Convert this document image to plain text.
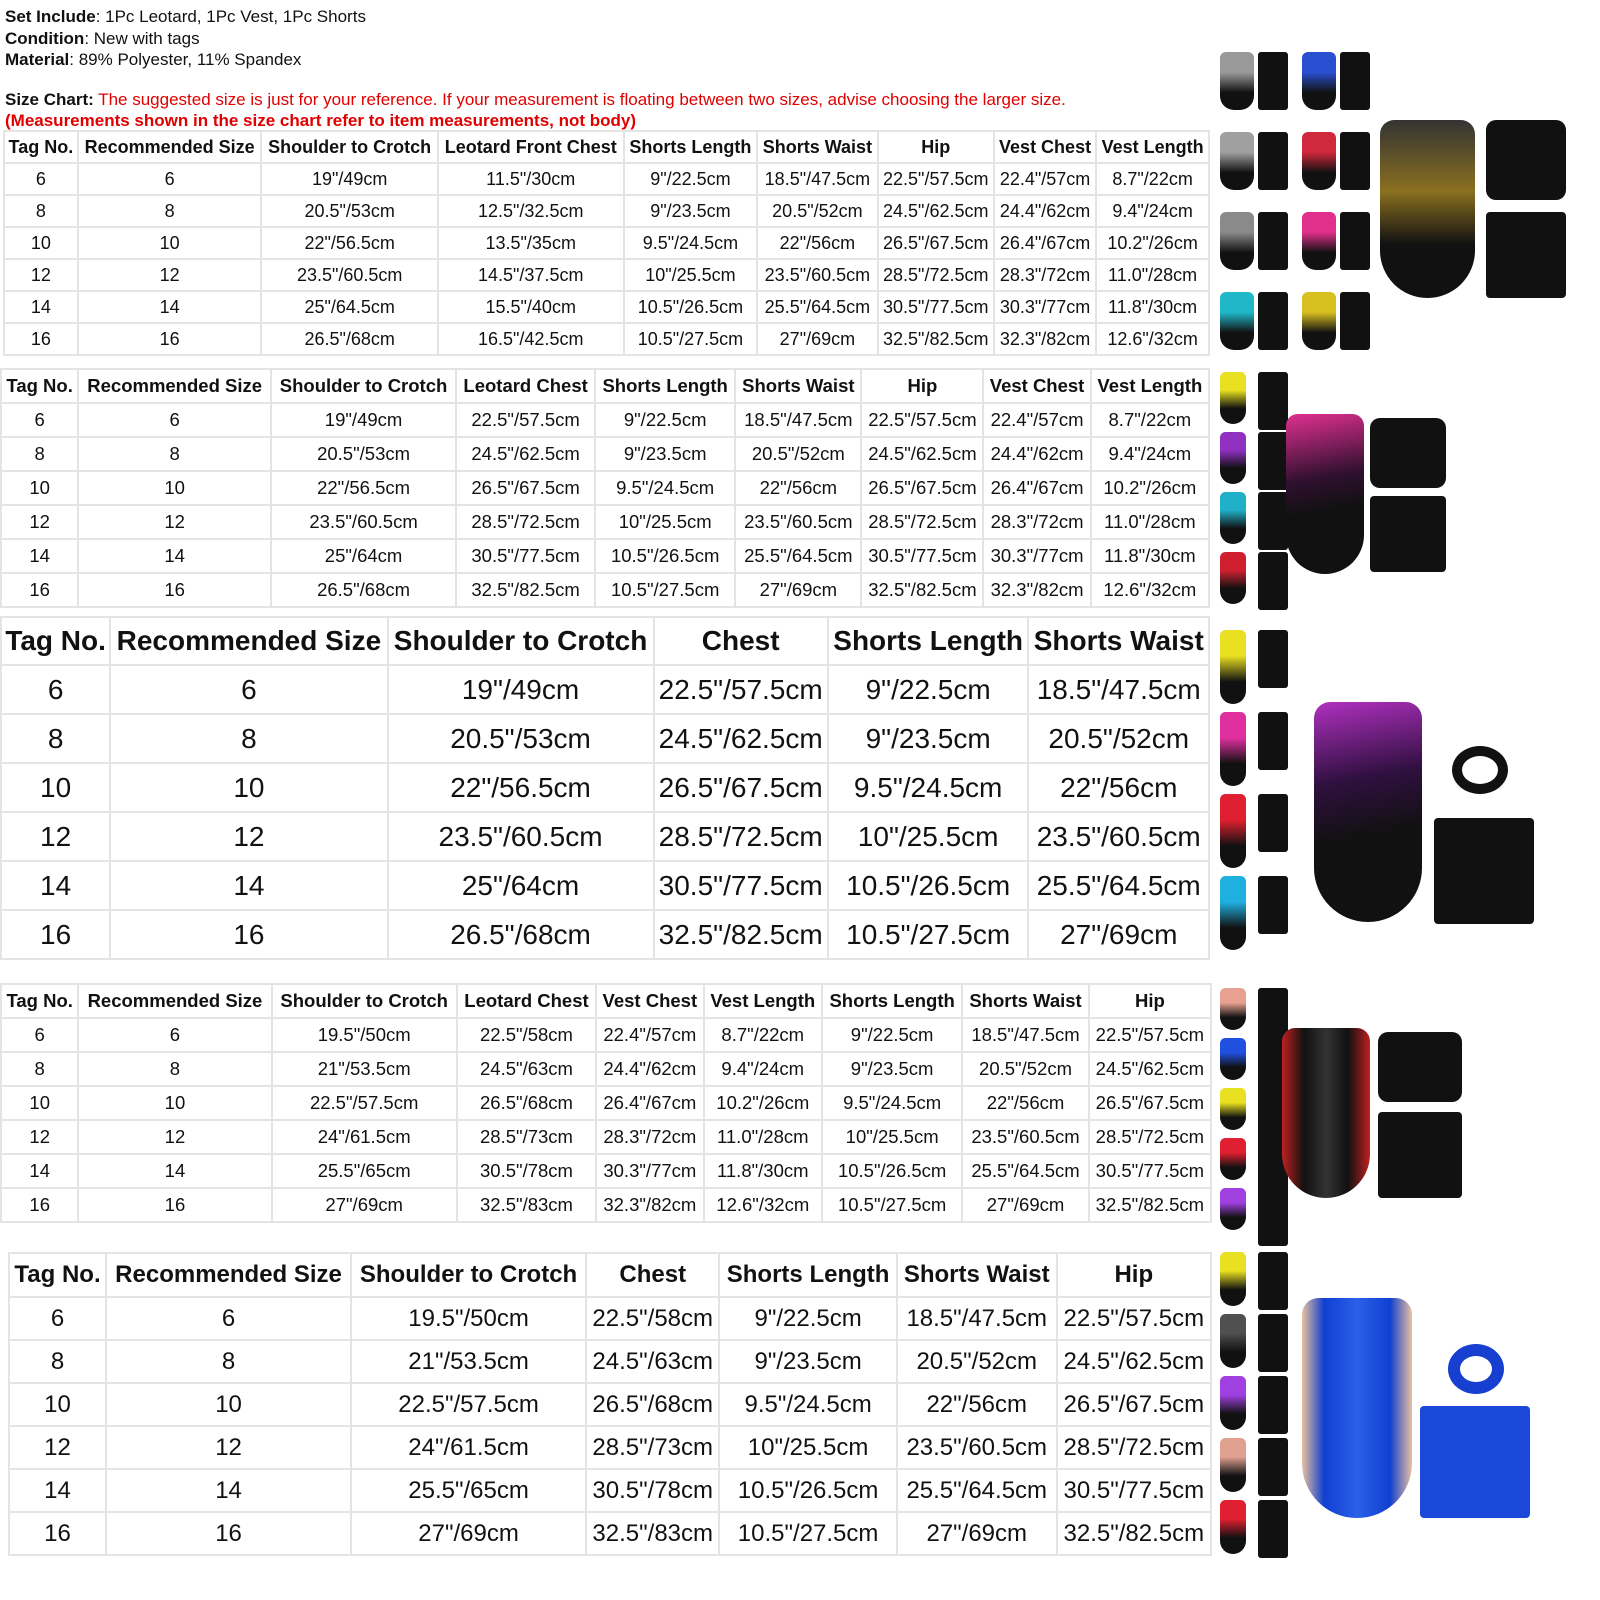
Set Include: 1Pc Leotard, 1Pc Vest, 1Pc Shorts
Condition: New with tags
Material: 89% Polyester, 11% Spandex
Size Chart: The suggested size is just for your reference. If your measurement is floating between two sizes, advise choosing the larger size.
(Measurements shown in the size chart refer to item measurements, not body)
Tag No.	Recommended Size	Shoulder to Crotch	Leotard Front Chest	Shorts Length	Shorts Waist	Hip	Vest Chest	Vest Length
6	6	19"/49cm	11.5"/30cm	9"/22.5cm	18.5"/47.5cm	22.5"/57.5cm	22.4"/57cm	8.7"/22cm
8	8	20.5"/53cm	12.5"/32.5cm	9"/23.5cm	20.5"/52cm	24.5"/62.5cm	24.4"/62cm	9.4"/24cm
10	10	22"/56.5cm	13.5"/35cm	9.5"/24.5cm	22"/56cm	26.5"/67.5cm	26.4"/67cm	10.2"/26cm
12	12	23.5"/60.5cm	14.5"/37.5cm	10"/25.5cm	23.5"/60.5cm	28.5"/72.5cm	28.3"/72cm	11.0"/28cm
14	14	25"/64.5cm	15.5"/40cm	10.5"/26.5cm	25.5"/64.5cm	30.5"/77.5cm	30.3"/77cm	11.8"/30cm
16	16	26.5"/68cm	16.5"/42.5cm	10.5"/27.5cm	27"/69cm	32.5"/82.5cm	32.3"/82cm	12.6"/32cm
Tag No.	Recommended Size	Shoulder to Crotch	Leotard Chest	Shorts Length	Shorts Waist	Hip	Vest Chest	Vest Length
6	6	19"/49cm	22.5"/57.5cm	9"/22.5cm	18.5"/47.5cm	22.5"/57.5cm	22.4"/57cm	8.7"/22cm
8	8	20.5"/53cm	24.5"/62.5cm	9"/23.5cm	20.5"/52cm	24.5"/62.5cm	24.4"/62cm	9.4"/24cm
10	10	22"/56.5cm	26.5"/67.5cm	9.5"/24.5cm	22"/56cm	26.5"/67.5cm	26.4"/67cm	10.2"/26cm
12	12	23.5"/60.5cm	28.5"/72.5cm	10"/25.5cm	23.5"/60.5cm	28.5"/72.5cm	28.3"/72cm	11.0"/28cm
14	14	25"/64cm	30.5"/77.5cm	10.5"/26.5cm	25.5"/64.5cm	30.5"/77.5cm	30.3"/77cm	11.8"/30cm
16	16	26.5"/68cm	32.5"/82.5cm	10.5"/27.5cm	27"/69cm	32.5"/82.5cm	32.3"/82cm	12.6"/32cm
Tag No.	Recommended Size	Shoulder to Crotch	Chest	Shorts Length	Shorts Waist
6	6	19"/49cm	22.5"/57.5cm	9"/22.5cm	18.5"/47.5cm
8	8	20.5"/53cm	24.5"/62.5cm	9"/23.5cm	20.5"/52cm
10	10	22"/56.5cm	26.5"/67.5cm	9.5"/24.5cm	22"/56cm
12	12	23.5"/60.5cm	28.5"/72.5cm	10"/25.5cm	23.5"/60.5cm
14	14	25"/64cm	30.5"/77.5cm	10.5"/26.5cm	25.5"/64.5cm
16	16	26.5"/68cm	32.5"/82.5cm	10.5"/27.5cm	27"/69cm
Tag No.	Recommended Size	Shoulder to Crotch	Leotard Chest	Vest Chest	Vest Length	Shorts Length	Shorts Waist	Hip
6	6	19.5"/50cm	22.5"/58cm	22.4"/57cm	8.7"/22cm	9"/22.5cm	18.5"/47.5cm	22.5"/57.5cm
8	8	21"/53.5cm	24.5"/63cm	24.4"/62cm	9.4"/24cm	9"/23.5cm	20.5"/52cm	24.5"/62.5cm
10	10	22.5"/57.5cm	26.5"/68cm	26.4"/67cm	10.2"/26cm	9.5"/24.5cm	22"/56cm	26.5"/67.5cm
12	12	24"/61.5cm	28.5"/73cm	28.3"/72cm	11.0"/28cm	10"/25.5cm	23.5"/60.5cm	28.5"/72.5cm
14	14	25.5"/65cm	30.5"/78cm	30.3"/77cm	11.8"/30cm	10.5"/26.5cm	25.5"/64.5cm	30.5"/77.5cm
16	16	27"/69cm	32.5"/83cm	32.3"/82cm	12.6"/32cm	10.5"/27.5cm	27"/69cm	32.5"/82.5cm
Tag No.	Recommended Size	Shoulder to Crotch	Chest	Shorts Length	Shorts Waist	Hip
6	6	19.5"/50cm	22.5"/58cm	9"/22.5cm	18.5"/47.5cm	22.5"/57.5cm
8	8	21"/53.5cm	24.5"/63cm	9"/23.5cm	20.5"/52cm	24.5"/62.5cm
10	10	22.5"/57.5cm	26.5"/68cm	9.5"/24.5cm	22"/56cm	26.5"/67.5cm
12	12	24"/61.5cm	28.5"/73cm	10"/25.5cm	23.5"/60.5cm	28.5"/72.5cm
14	14	25.5"/65cm	30.5"/78cm	10.5"/26.5cm	25.5"/64.5cm	30.5"/77.5cm
16	16	27"/69cm	32.5"/83cm	10.5"/27.5cm	27"/69cm	32.5"/82.5cm
